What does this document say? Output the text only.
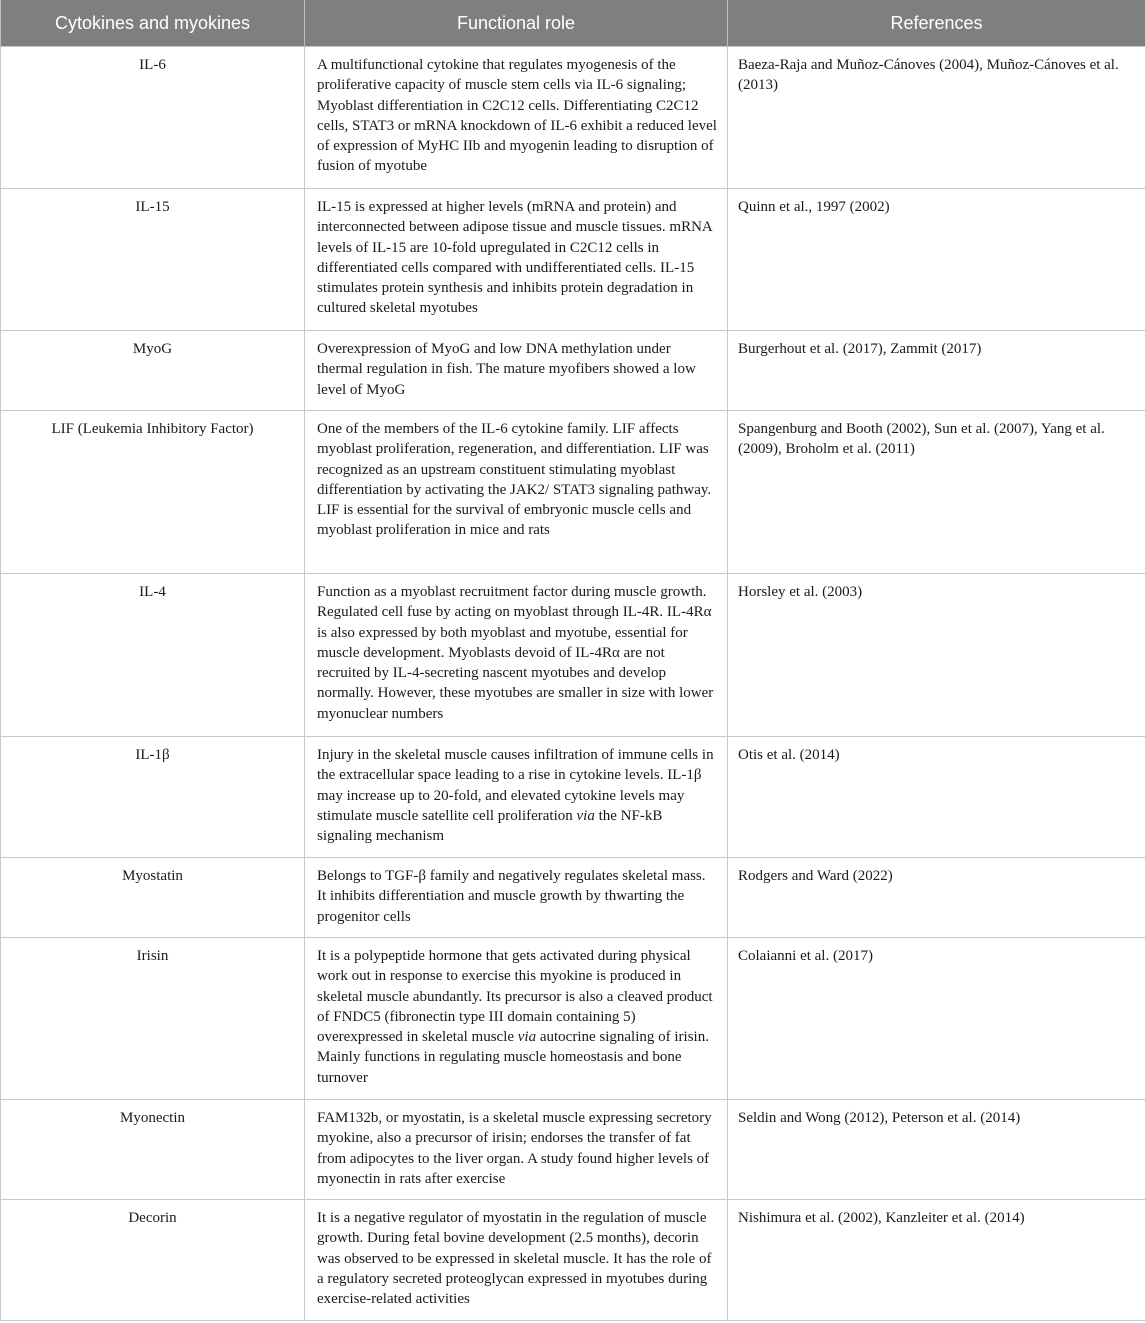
Cytokines and myokines	Functional role	References
IL-6	A multifunctional cytokine that regulates myogenesis of the proliferative capacity of muscle stem cells via IL-6 signaling; Myoblast differentiation in C2C12 cells. Differentiating C2C12 cells, STAT3 or mRNA knockdown of IL-6 exhibit a reduced level of expression of MyHC IIb and myogenin leading to disruption of fusion of myotube	Baeza-Raja and Muñoz-Cánoves (2004), Muñoz-Cánoves et al. (2013)
IL-15	IL-15 is expressed at higher levels (mRNA and protein) and interconnected between adipose tissue and muscle tissues. mRNA levels of IL-15 are 10-fold upregulated in C2C12 cells in differentiated cells compared with undifferentiated cells. IL-15 stimulates protein synthesis and inhibits protein degradation in cultured skeletal myotubes	Quinn et al., 1997 (2002)
MyoG	Overexpression of MyoG and low DNA methylation under thermal regulation in fish. The mature myofibers showed a low level of MyoG	Burgerhout et al. (2017), Zammit (2017)
LIF (Leukemia Inhibitory Factor)	One of the members of the IL-6 cytokine family. LIF affects myoblast proliferation, regeneration, and differentiation. LIF was recognized as an upstream constituent stimulating myoblast differentiation by activating the JAK2/ STAT3 signaling pathway. LIF is essential for the survival of embryonic muscle cells and myoblast proliferation in mice and rats	Spangenburg and Booth (2002), Sun et al. (2007), Yang et al. (2009), Broholm et al. (2011)
IL-4	Function as a myoblast recruitment factor during muscle growth. Regulated cell fuse by acting on myoblast through IL-4R. IL-4Rα is also expressed by both myoblast and myotube, essential for muscle development. Myoblasts devoid of IL-4Rα are not recruited by IL-4-secreting nascent myotubes and develop normally. However, these myotubes are smaller in size with lower myonuclear numbers	Horsley et al. (2003)
IL-1β	Injury in the skeletal muscle causes infiltration of immune cells in the extracellular space leading to a rise in cytokine levels. IL-1β may increase up to 20-fold, and elevated cytokine levels may stimulate muscle satellite cell proliferation via the NF-kB signaling mechanism	Otis et al. (2014)
Myostatin	Belongs to TGF-β family and negatively regulates skeletal mass. It inhibits differentiation and muscle growth by thwarting the progenitor cells	Rodgers and Ward (2022)
Irisin	It is a polypeptide hormone that gets activated during physical work out in response to exercise this myokine is produced in skeletal muscle abundantly. Its precursor is also a cleaved product of FNDC5 (fibronectin type III domain containing 5) overexpressed in skeletal muscle via autocrine signaling of irisin. Mainly functions in regulating muscle homeostasis and bone turnover	Colaianni et al. (2017)
Myonectin	FAM132b, or myostatin, is a skeletal muscle expressing secretory myokine, also a precursor of irisin; endorses the transfer of fat from adipocytes to the liver organ. A study found higher levels of myonectin in rats after exercise	Seldin and Wong (2012), Peterson et al. (2014)
Decorin	It is a negative regulator of myostatin in the regulation of muscle growth. During fetal bovine development (2.5 months), decorin was observed to be expressed in skeletal muscle. It has the role of a regulatory secreted proteoglycan expressed in myotubes during exercise-related activities	Nishimura et al. (2002), Kanzleiter et al. (2014)
